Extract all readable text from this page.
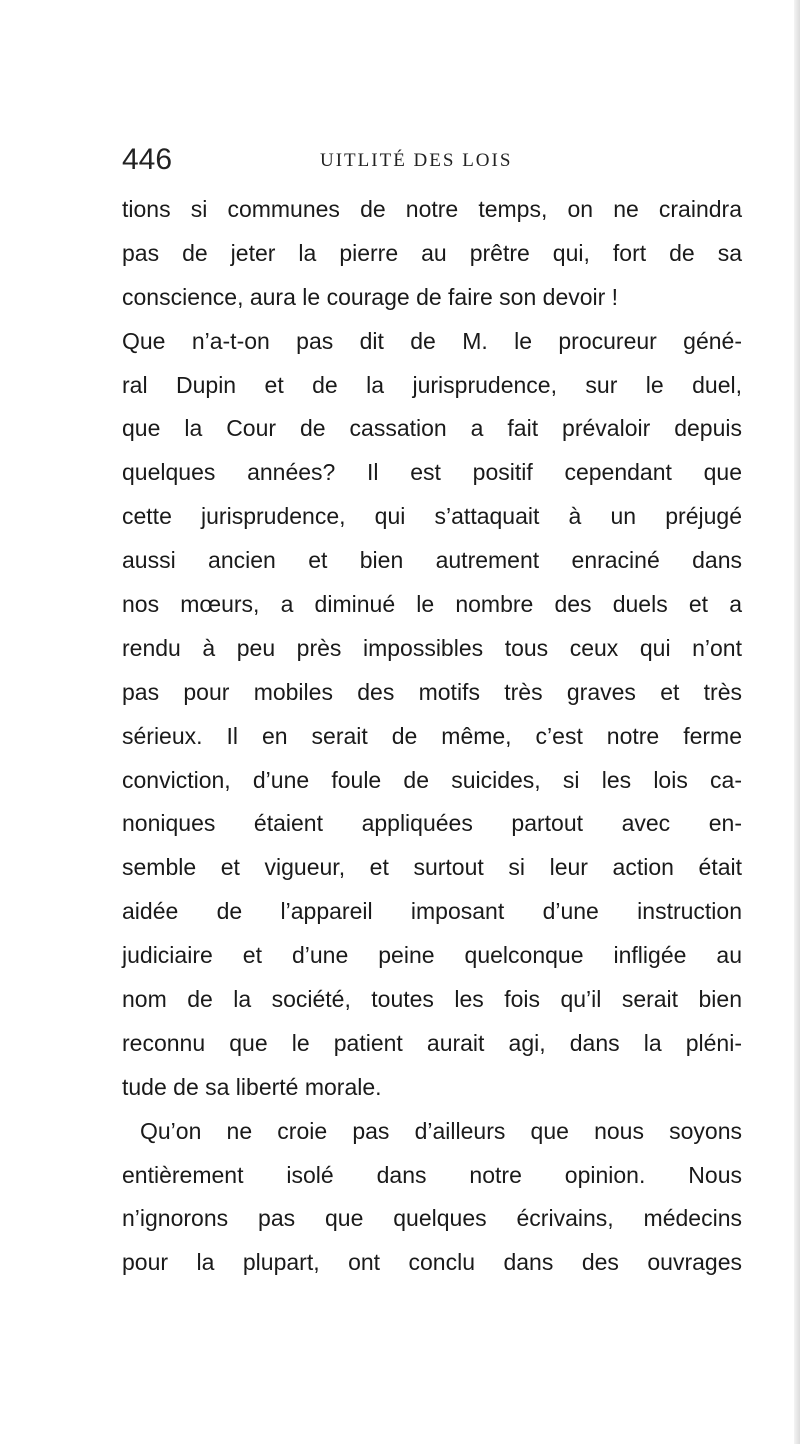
446	UITLITÉ DES LOIS
tions si communes de notre temps, on ne craindra
pas de jeter la pierre au prêtre qui, fort de sa
conscience, aura le courage de faire son devoir !
Que n’a-t-on pas dit de M. le procureur géné-
ral Dupin et de la jurisprudence, sur le duel,
que la Cour de cassation a fait prévaloir depuis
quelques années? Il est positif cependant que
cette jurisprudence, qui s’attaquait à un préjugé
aussi ancien et bien autrement enraciné dans
nos mœurs, a diminué le nombre des duels et a
rendu à peu près impossibles tous ceux qui n’ont
pas pour mobiles des motifs très graves et très
sérieux. Il en serait de même, c’est notre ferme
conviction, d’une foule de suicides, si les lois ca-
noniques étaient appliquées partout avec en-
semble et vigueur, et surtout si leur action était
aidée de l’appareil imposant d’une instruction
judiciaire et d’une peine quelconque infligée au
nom de la société, toutes les fois qu’il serait bien
reconnu que le patient aurait agi, dans la pléni-
tude de sa liberté morale.
Qu’on ne croie pas d’ailleurs que nous soyons
entièrement isolé dans notre opinion. Nous
n’ignorons pas que quelques écrivains, médecins
pour la plupart, ont conclu dans des ouvrages
